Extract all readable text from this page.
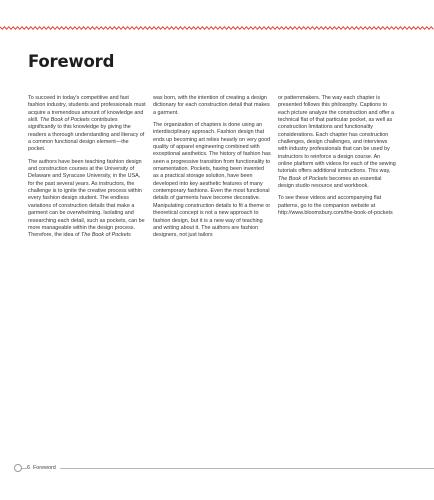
Foreword

To succeed in today's competitive and fast fashion industry, students and professionals must acquire a tremendous amount of knowledge and skill. The Book of Pockets contributes significantly to this knowledge by giving the readers a thorough understanding and literacy of a common functional design element—the pocket.

The authors have been teaching fashion design and construction courses at the University of Delaware and Syracuse University, in the USA, for the past several years. As instructors, the challenge is to ignite the creative process within every fashion design student. The endless variations of construction details that make a garment can be overwhelming. Isolating and researching each detail, such as pockets, can be more manageable within the design process. Therefore, the idea of The Book of Pockets

was born, with the intention of creating a design dictionary for each construction detail that makes a garment.

The organization of chapters is done using an interdisciplinary approach. Fashion design that ends up becoming art relies heavily on very good quality of apparel engineering combined with exceptional aesthetics. The history of fashion has seen a progressive transition from functionality to ornamentation. Pockets, having been invented as a practical storage solution, have been developed into key aesthetic features of many contemporary fashions. Even the most functional details of garments have become decorative. Manipulating construction details to fit a theme or theoretical concept is not a new approach to fashion design, but it is a new way of teaching and writing about it. The authors are fashion designers, not just tailors

or patternmakers. The way each chapter is presented follows this philosophy. Captions to each picture analyze the construction and offer a technical flat of that particular pocket, as well as construction limitations and functionality considerations. Each chapter has construction challenges, design challenges, and interviews with industry professionals that can be used by instructors to reinforce a design course. An online platform with videos for each of the sewing tutorials offers additional instructions. This way, The Book of Pockets becomes an essential design studio resource and workbook.

To see these videos and accompanying flat patterns, go to the companion website at http://www.bloomsbury.com/the-book-of-pockets

6 Foreword
